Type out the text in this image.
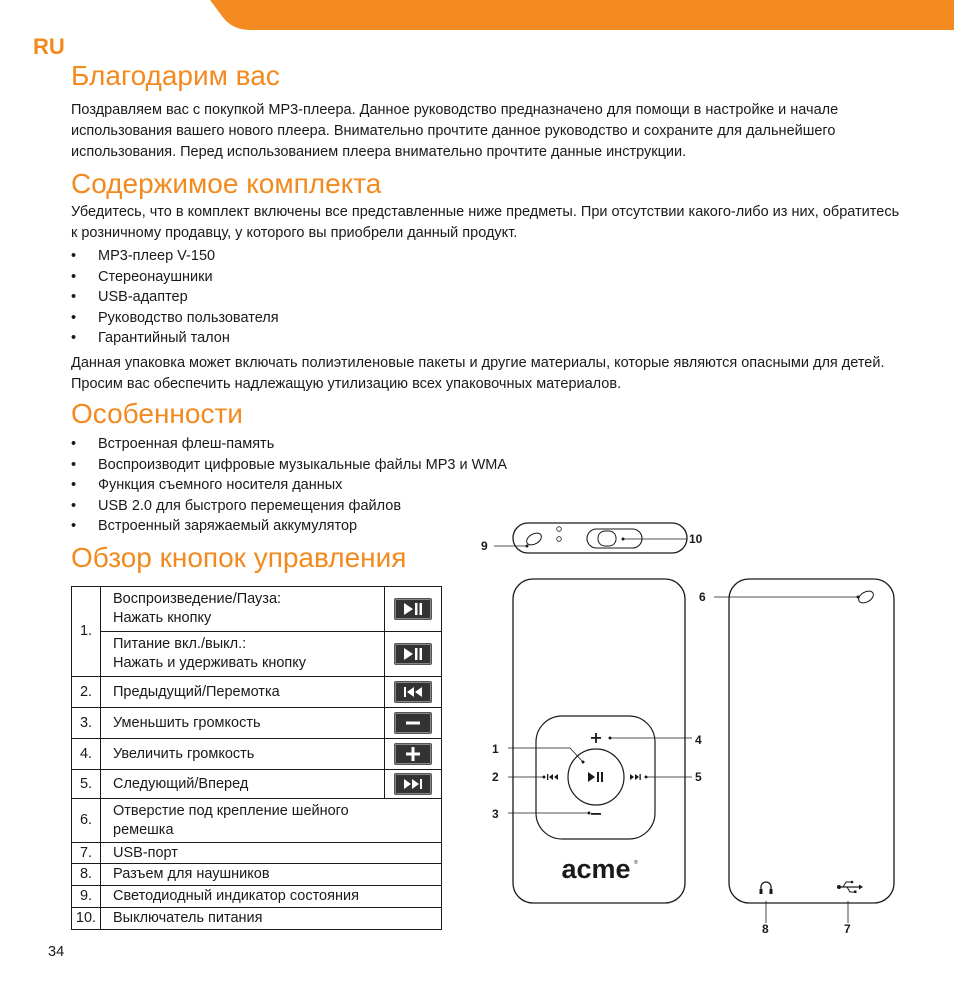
RU
Благодарим вас

Поздравляем вас с покупкой MP3-плеера. Данное руководство предназначено для помощи в настройке и начале использования вашего нового плеера. Внимательно прочтите данное руководство и сохраните для дальнейшего использования. Перед использованием плеера внимательно прочтите данные инструкции.

Содержимое комплекта

Убедитесь, что в комплект включены все представленные ниже предметы. При отсутствии какого-либо из них, обратитесь к розничному продавцу, у которого вы приобрели данный продукт.

• MP3-плеер V-150
• Стереонаушники
• USB-адаптер
• Руководство пользователя
• Гарантийный талон

Данная упаковка может включать полиэтиленовые пакеты и другие материалы, которые являются опасными для детей. Просим вас обеспечить надлежащую утилизацию всех упаковочных материалов.

Особенности
• Встроенная флеш-память
• Воспроизводит цифровые музыкальные файлы MP3 и WMA
• Функция съемного носителя данных
• USB 2.0 для быстрого перемещения файлов
• Встроенный заряжаемый аккумулятор
Обзор кнопок управления
1.	Воспроизведение/Пауза:
Нажать кнопку	

	Питание вкл./выкл.:
Нажать и удерживать кнопку	

2.	Предыдущий/Перемотка	

3.	Уменьшить громкость	

4.	Увеличить громкость	

5.	Следующий/Вперед	

6.	Отверстие под крепление шейного ремешка	
7.	USB-порт	
8.	Разъем для наушников	
9.	Светодиодный индикатор состояния	
10.	Выключатель питания	
9	10
acme ®
1
2
3
4
5
6
8	7
34
